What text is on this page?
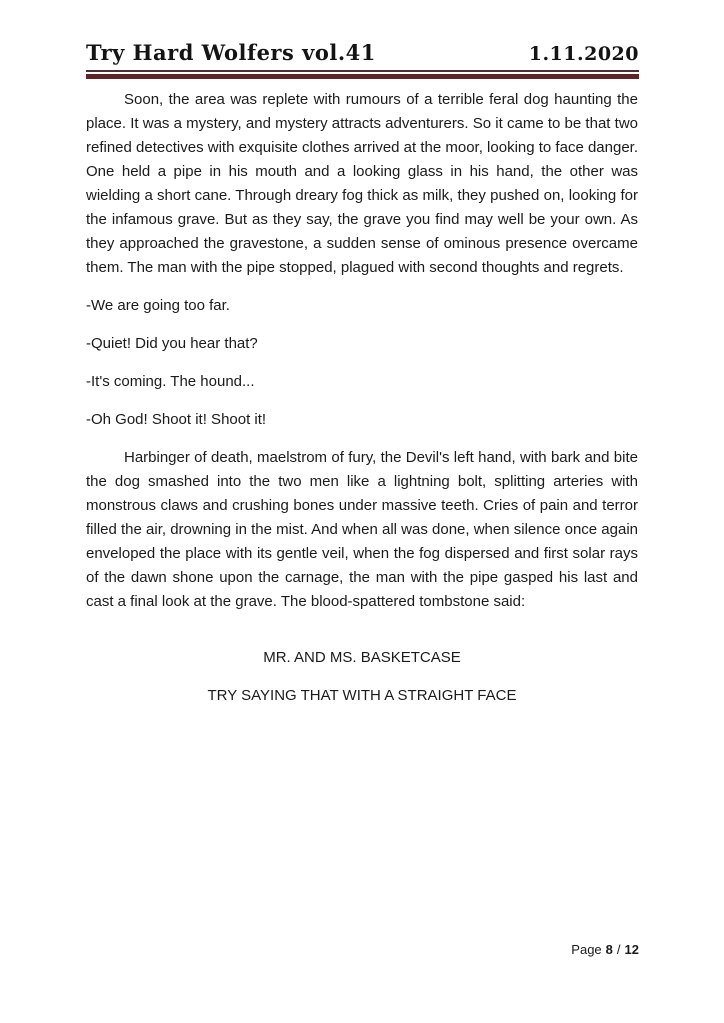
Try Hard Wolfers vol.41	1.11.2020

Soon, the area was replete with rumours of a terrible feral dog haunting the place. It was a mystery, and mystery attracts adventurers. So it came to be that two refined detectives with exquisite clothes arrived at the moor, looking to face danger. One held a pipe in his mouth and a looking glass in his hand, the other was wielding a short cane. Through dreary fog thick as milk, they pushed on, looking for the infamous grave. But as they say, the grave you find may well be your own. As they approached the gravestone, a sudden sense of ominous presence overcame them. The man with the pipe stopped, plagued with second thoughts and regrets.

-We are going too far.

-Quiet! Did you hear that?

-It's coming. The hound...

-Oh God! Shoot it! Shoot it!

Harbinger of death, maelstrom of fury, the Devil's left hand, with bark and bite the dog smashed into the two men like a lightning bolt, splitting arteries with monstrous claws and crushing bones under massive teeth. Cries of pain and terror filled the air, drowning in the mist. And when all was done, when silence once again enveloped the place with its gentle veil, when the fog dispersed and first solar rays of the dawn shone upon the carnage, the man with the pipe gasped his last and cast a final look at the grave. The blood-spattered tombstone said:

MR. AND MS. BASKETCASE

TRY SAYING THAT WITH A STRAIGHT FACE

Page 8 / 12
